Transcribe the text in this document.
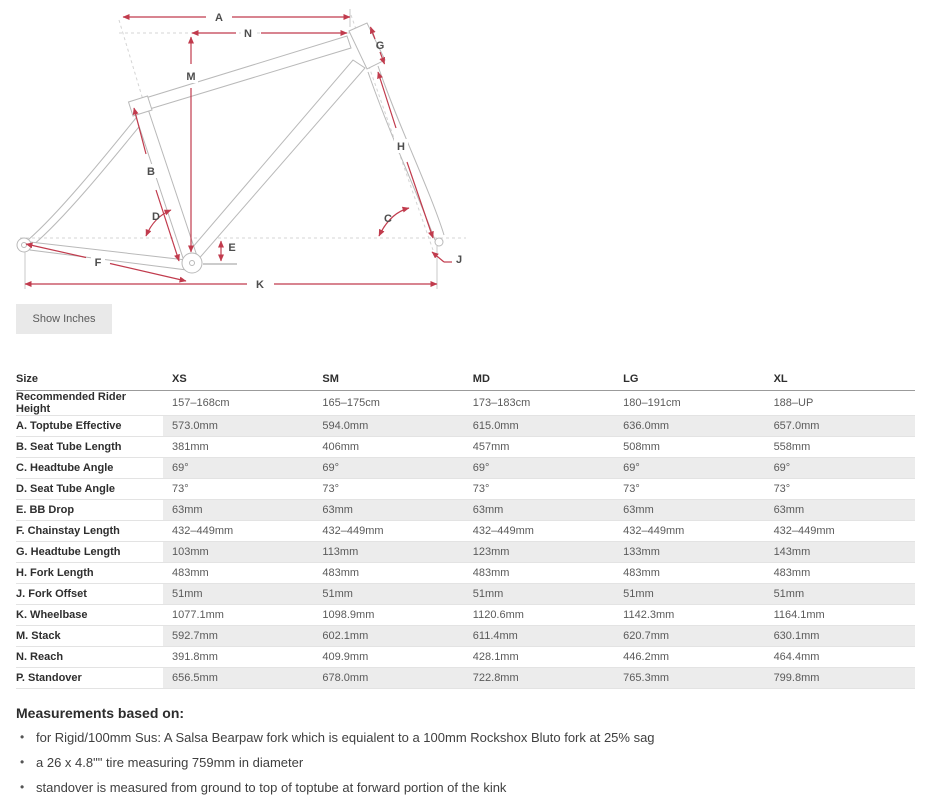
A
N
M
G
B
D
E
F
K
C
H
J
Show Inches
Size	XS	SM	MD	LG	XL
Recommended Rider Height	157–168cm	165–175cm	173–183cm	180–191cm	188–UP
A. Toptube Effective	573.0mm	594.0mm	615.0mm	636.0mm	657.0mm
B. Seat Tube Length	381mm	406mm	457mm	508mm	558mm
C. Headtube Angle	69°	69°	69°	69°	69°
D. Seat Tube Angle	73°	73°	73°	73°	73°
E. BB Drop	63mm	63mm	63mm	63mm	63mm
F. Chainstay Length	432–449mm	432–449mm	432–449mm	432–449mm	432–449mm
G. Headtube Length	103mm	113mm	123mm	133mm	143mm
H. Fork Length	483mm	483mm	483mm	483mm	483mm
J. Fork Offset	51mm	51mm	51mm	51mm	51mm
K. Wheelbase	1077.1mm	1098.9mm	1120.6mm	1142.3mm	1164.1mm
M. Stack	592.7mm	602.1mm	611.4mm	620.7mm	630.1mm
N. Reach	391.8mm	409.9mm	428.1mm	446.2mm	464.4mm
P. Standover	656.5mm	678.0mm	722.8mm	765.3mm	799.8mm
Measurements based on:
• for Rigid/100mm Sus: A Salsa Bearpaw fork which is equialent to a 100mm Rockshox Bluto fork at 25% sag
• a 26 x 4.8"" tire measuring 759mm in diameter
• standover is measured from ground to top of toptube at forward portion of the kink
